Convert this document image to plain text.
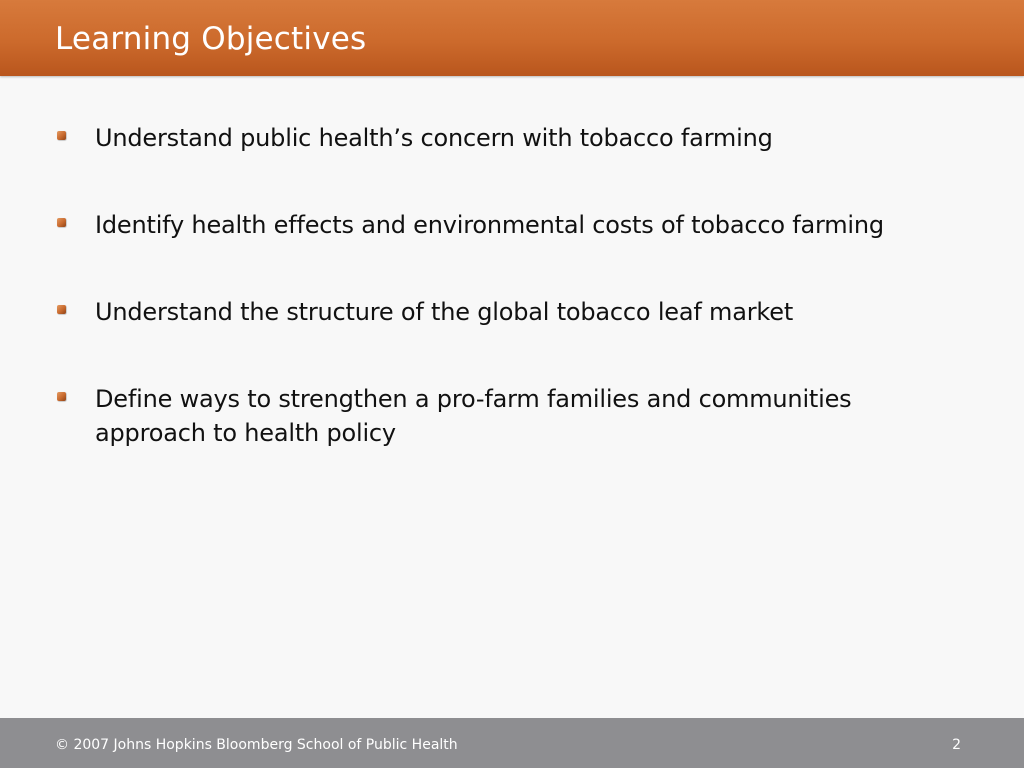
Learning Objectives
Understand public health’s concern with tobacco farming
Identify health effects and environmental costs of tobacco farming
Understand the structure of the global tobacco leaf market
Define ways to strengthen a pro-farm families and communities approach to health policy
© 2007 Johns Hopkins Bloomberg School of Public Health	2
